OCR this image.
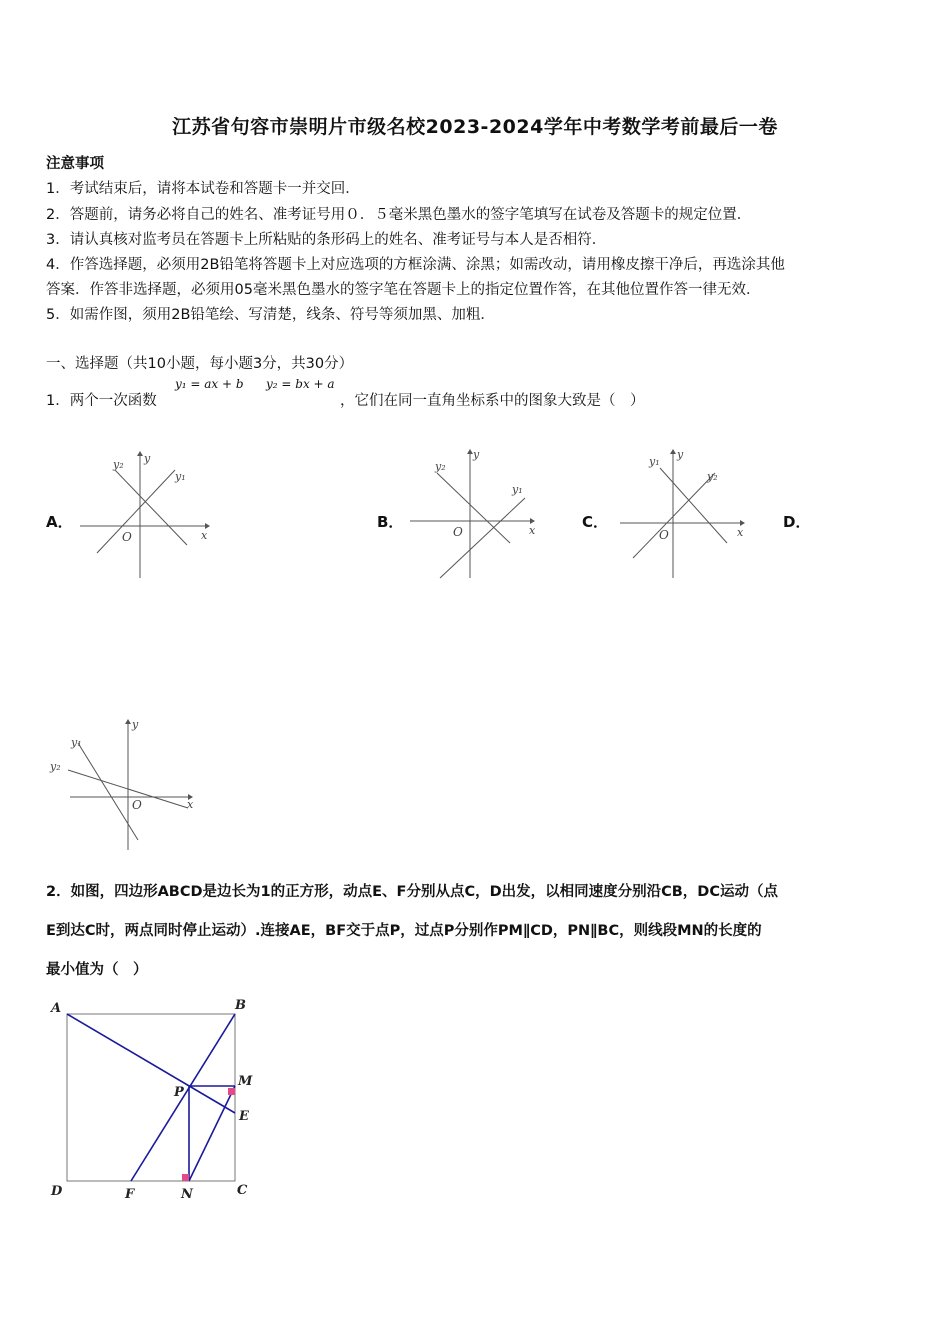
江苏省句容市崇明片市级名校2023-2024学年中考数学考前最后一卷
注意事项
1．考试结束后，请将本试卷和答题卡一并交回．
2．答题前，请务必将自己的姓名、准考证号用０．５毫米黑色墨水的签字笔填写在试卷及答题卡的规定位置．
3．请认真核对监考员在答题卡上所粘贴的条形码上的姓名、准考证号与本人是否相符．
4．作答选择题，必须用2B铅笔将答题卡上对应选项的方框涂满、涂黑；如需改动，请用橡皮擦干净后，再选涂其他
答案．作答非选择题，必须用05毫米黑色墨水的签字笔在答题卡上的指定位置作答，在其他位置作答一律无效．
5．如需作图，须用2B铅笔绘、写清楚，线条、符号等须加黑、加粗．
一、选择题（共10小题，每小题3分，共30分）
1．两个一次函数
y₁ = ax + b y₂ = bx + a
，它们在同一直角坐标系中的图象大致是（　）
A．	B．	C．	D．
y₂ y
y₁
O	x
y₂
y
y₁
O	x
y₁
y
y₂
O	x
y₁
y
y₂
O	x
2．如图，四边形ABCD是边长为1的正方形，动点E、F分别从点C，D出发，以相同速度分别沿CB，DC运动（点
E到达C时，两点同时停止运动）.连接AE，BF交于点P，过点P分别作PM∥CD，PN∥BC，则线段MN的长度的
最小值为（　）
A	B
C
D
E
F
M
N
P
